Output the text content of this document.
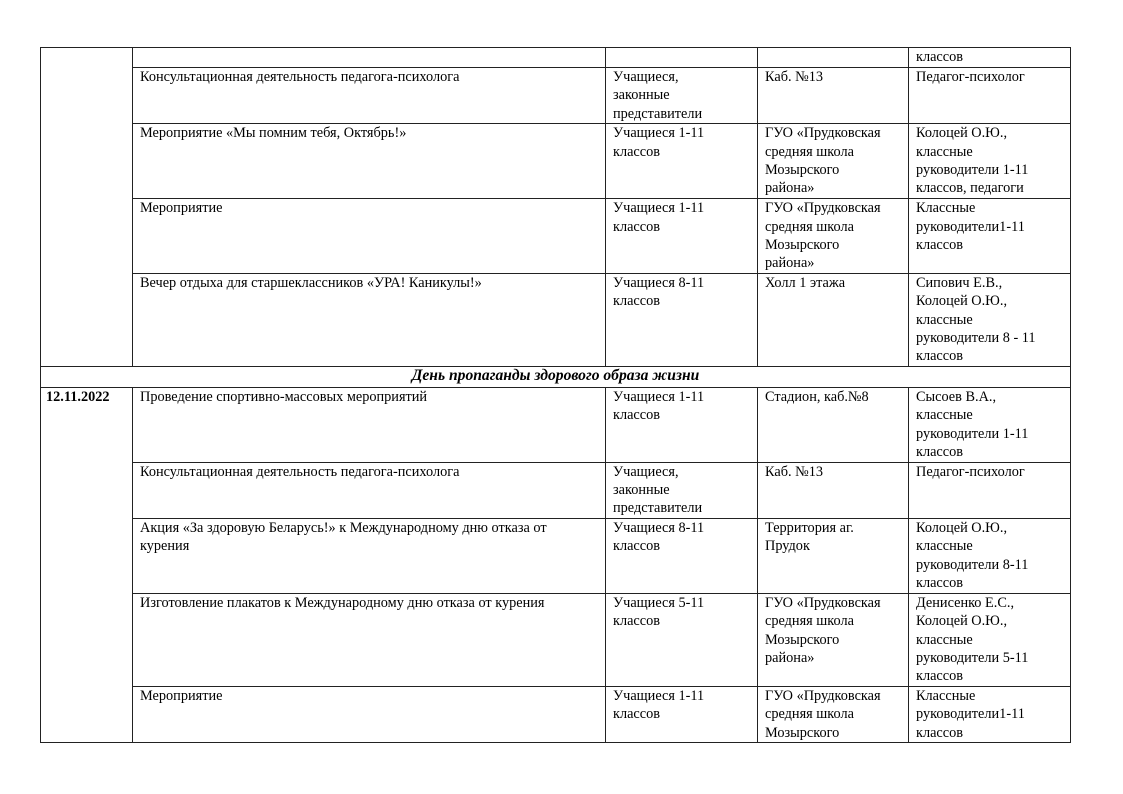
				классов
	Консультационная деятельность педагога-психолога	Учащиеся,
законные
представители	Каб. №13	Педагог-психолог
	Мероприятие «Мы помним тебя, Октябрь!»	Учащиеся 1-11
классов	ГУО «Прудковская
средняя школа
Мозырского
района»	Колоцей О.Ю.,
классные
руководители 1-11
классов, педагоги
	Мероприятие	Учащиеся 1-11
классов	ГУО «Прудковская
средняя школа
Мозырского
района»	Классные
руководители1-11
классов
	Вечер отдыха для старшеклассников «УРА! Каникулы!»	Учащиеся 8-11
классов	Холл 1 этажа	Сипович Е.В.,
Колоцей О.Ю.,
классные
руководители 8 - 11
классов
День пропаганды здорового образа жизни				
12.11.2022	Проведение спортивно-массовых мероприятий	Учащиеся 1-11
классов	Стадион, каб.№8	Сысоев В.А.,
классные
руководители 1-11
классов
	Консультационная деятельность педагога-психолога	Учащиеся,
законные
представители	Каб. №13	Педагог-психолог
	Акция «За здоровую Беларусь!» к Международному дню отказа от
курения	Учащиеся 8-11
классов	Территория аг.
Прудок	Колоцей О.Ю.,
классные
руководители 8-11
классов
	Изготовление плакатов к Международному дню отказа от курения	Учащиеся 5-11
классов	ГУО «Прудковская
средняя школа
Мозырского
района»	Денисенко Е.С.,
Колоцей О.Ю.,
классные
руководители 5-11
классов
	Мероприятие	Учащиеся 1-11
классов	ГУО «Прудковская
средняя школа
Мозырского	Классные
руководители1-11
классов
